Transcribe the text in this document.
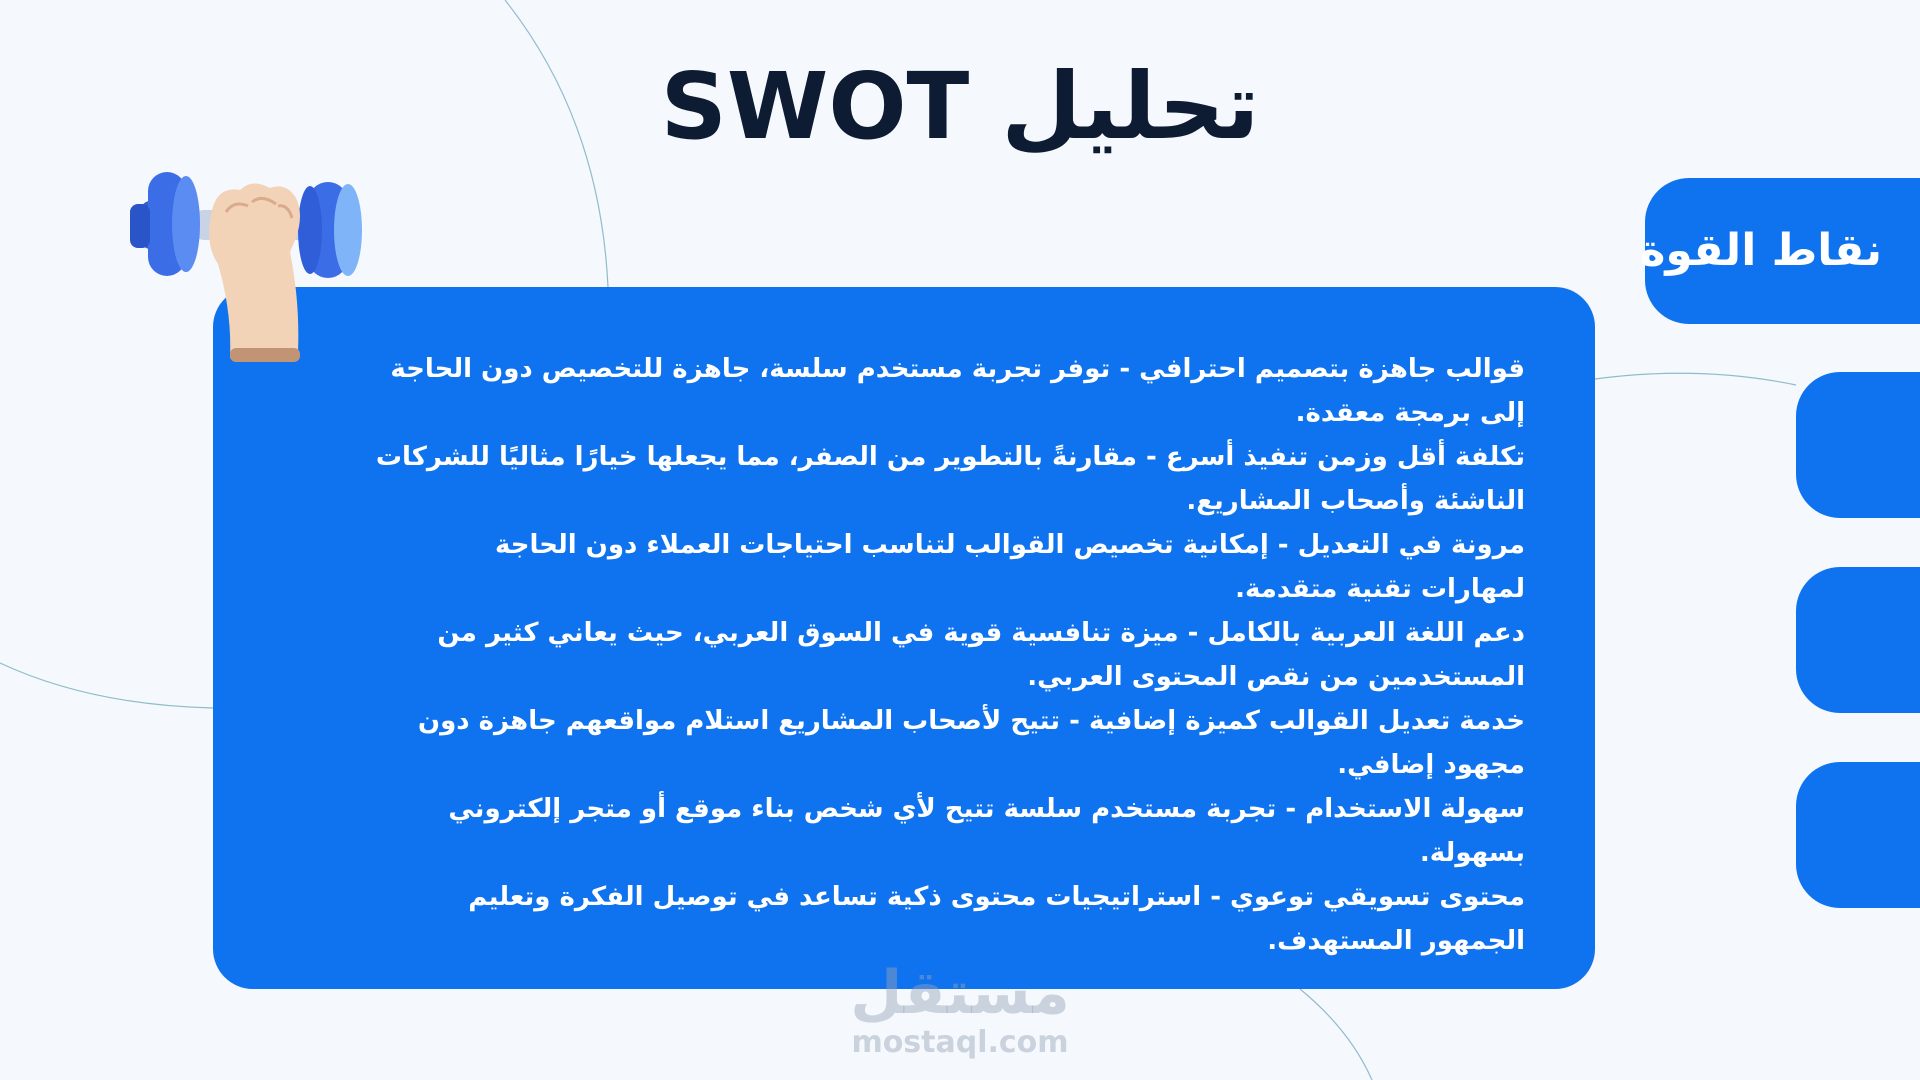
تحليل SWOT
نقاط القوة
قوالب جاهزة بتصميم احترافي - توفر تجربة مستخدم سلسة، جاهزة للتخصيص دون الحاجة
إلى برمجة معقدة.
تكلفة أقل وزمن تنفيذ أسرع - مقارنةً بالتطوير من الصفر، مما يجعلها خيارًا مثاليًا للشركات
الناشئة وأصحاب المشاريع.
مرونة في التعديل - إمكانية تخصيص القوالب لتناسب احتياجات العملاء دون الحاجة
لمهارات تقنية متقدمة.
دعم اللغة العربية بالكامل - ميزة تنافسية قوية في السوق العربي، حيث يعاني كثير من
المستخدمين من نقص المحتوى العربي.
خدمة تعديل القوالب كميزة إضافية - تتيح لأصحاب المشاريع استلام مواقعهم جاهزة دون
مجهود إضافي.
سهولة الاستخدام - تجربة مستخدم سلسة تتيح لأي شخص بناء موقع أو متجر إلكتروني
بسهولة.
محتوى تسويقي توعوي - استراتيجيات محتوى ذكية تساعد في توصيل الفكرة وتعليم
الجمهور المستهدف.
مستقل
mostaql.com
